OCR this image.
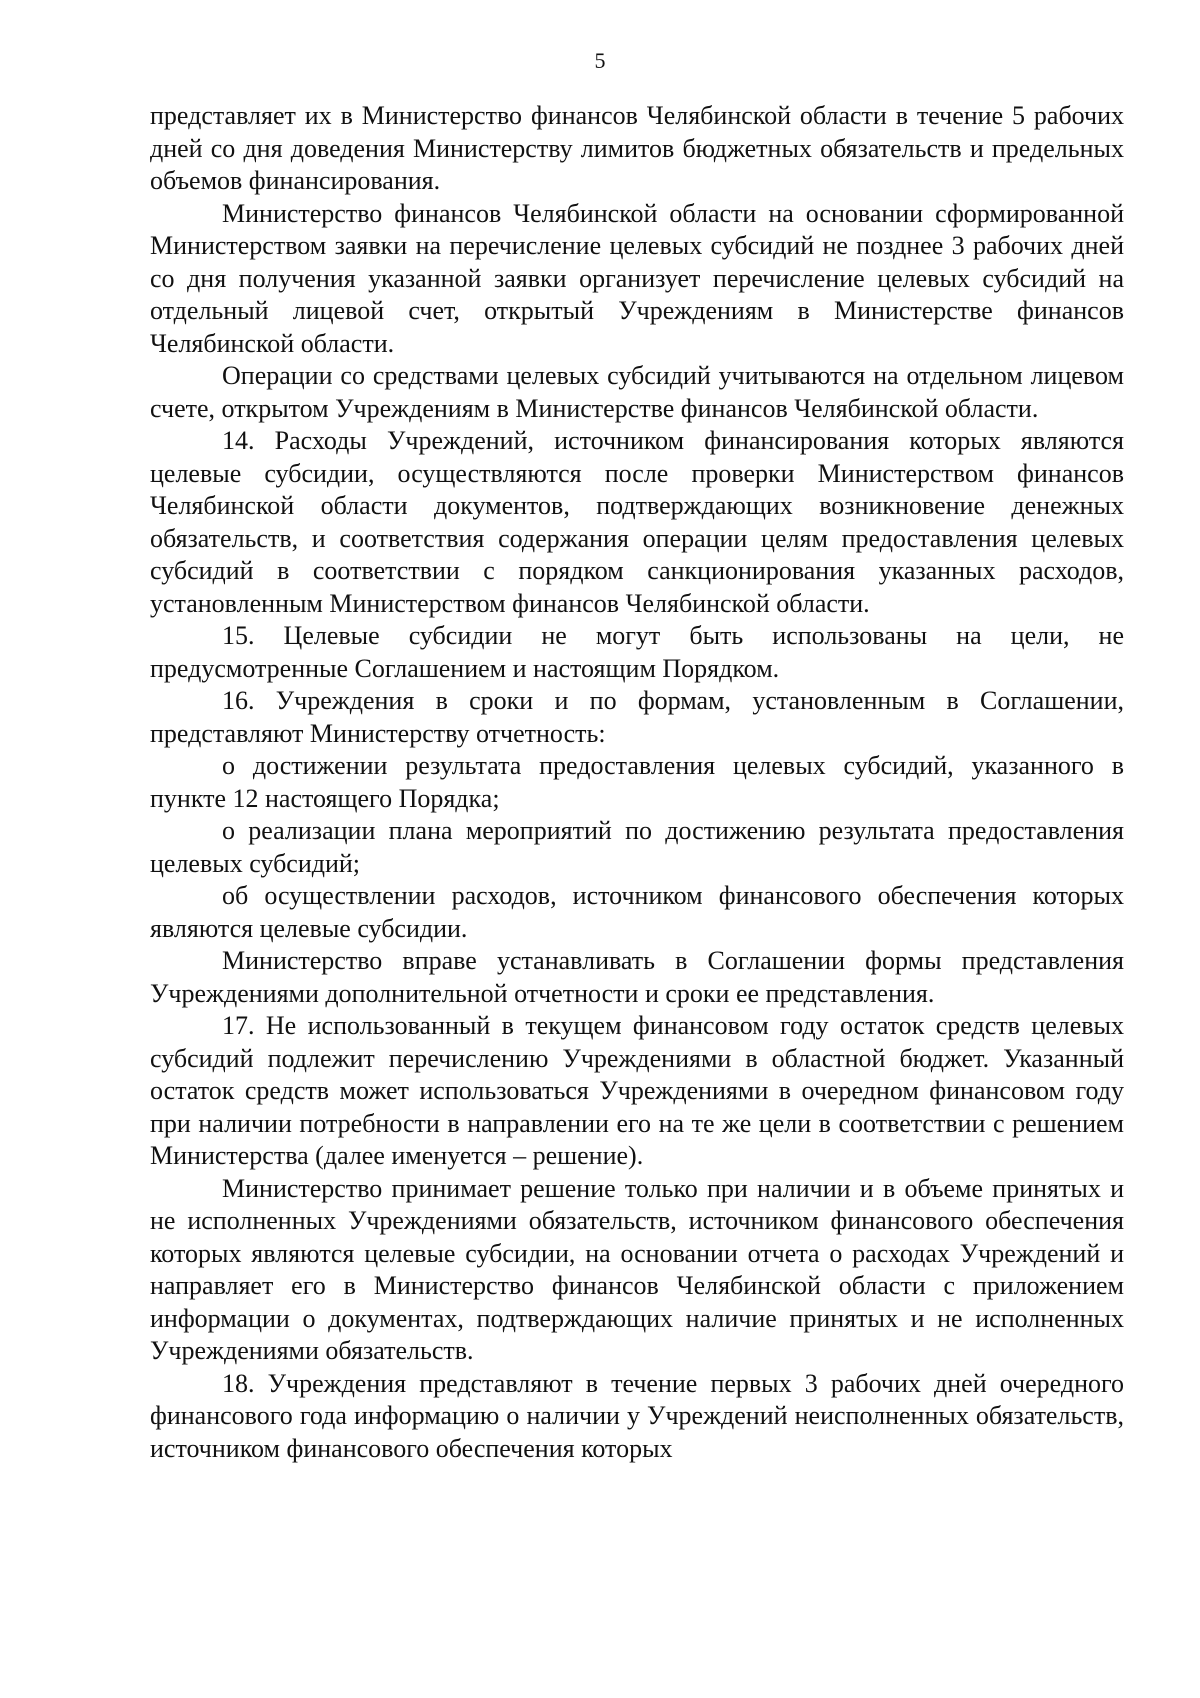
5

представляет их в Министерство финансов Челябинской области в течение 5 рабочих дней со дня доведения Министерству лимитов бюджетных обязательств и предельных объемов финансирования.

Министерство финансов Челябинской области на основании сформированной Министерством заявки на перечисление целевых субсидий не позднее 3 рабочих дней со дня получения указанной заявки организует перечисление целевых субсидий на отдельный лицевой счет, открытый Учреждениям в Министерстве финансов Челябинской области.

Операции со средствами целевых субсидий учитываются на отдельном лицевом счете, открытом Учреждениям в Министерстве финансов Челябинской области.

14. Расходы Учреждений, источником финансирования которых являются целевые субсидии, осуществляются после проверки Министерством финансов Челябинской области документов, подтверждающих возникновение денежных обязательств, и соответствия содержания операции целям предоставления целевых субсидий в соответствии с порядком санкционирования указанных расходов, установленным Министерством финансов Челябинской области.

15. Целевые субсидии не могут быть использованы на цели, не предусмотренные Соглашением и настоящим Порядком.

16. Учреждения в сроки и по формам, установленным в Соглашении, представляют Министерству отчетность:

о достижении результата предоставления целевых субсидий, указанного в пункте 12 настоящего Порядка;

о реализации плана мероприятий по достижению результата предоставления целевых субсидий;

об осуществлении расходов, источником финансового обеспечения которых являются целевые субсидии.

Министерство вправе устанавливать в Соглашении формы представления Учреждениями дополнительной отчетности и сроки ее представления.

17. Не использованный в текущем финансовом году остаток средств целевых субсидий подлежит перечислению Учреждениями в областной бюджет. Указанный остаток средств может использоваться Учреждениями в очередном финансовом году при наличии потребности в направлении его на те же цели в соответствии с решением Министерства (далее именуется – решение).

Министерство принимает решение только при наличии и в объеме принятых и не исполненных Учреждениями обязательств, источником финансового обеспечения которых являются целевые субсидии, на основании отчета о расходах Учреждений и направляет его в Министерство финансов Челябинской области с приложением информации о документах, подтверждающих наличие принятых и не исполненных Учреждениями обязательств.

18. Учреждения представляют в течение первых 3 рабочих дней очередного финансового года информацию о наличии у Учреждений неисполненных обязательств, источником финансового обеспечения которых
